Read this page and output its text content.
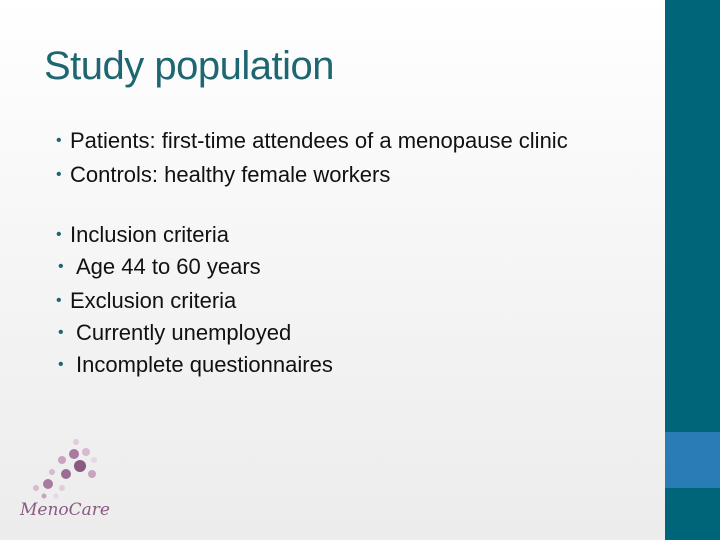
Study population
• Patients: first-time attendees of a menopause clinic
• Controls: healthy female workers
• Inclusion criteria
• Age 44 to 60 years
• Exclusion criteria
• Currently unemployed
• Incomplete questionnaires
MenoCare
